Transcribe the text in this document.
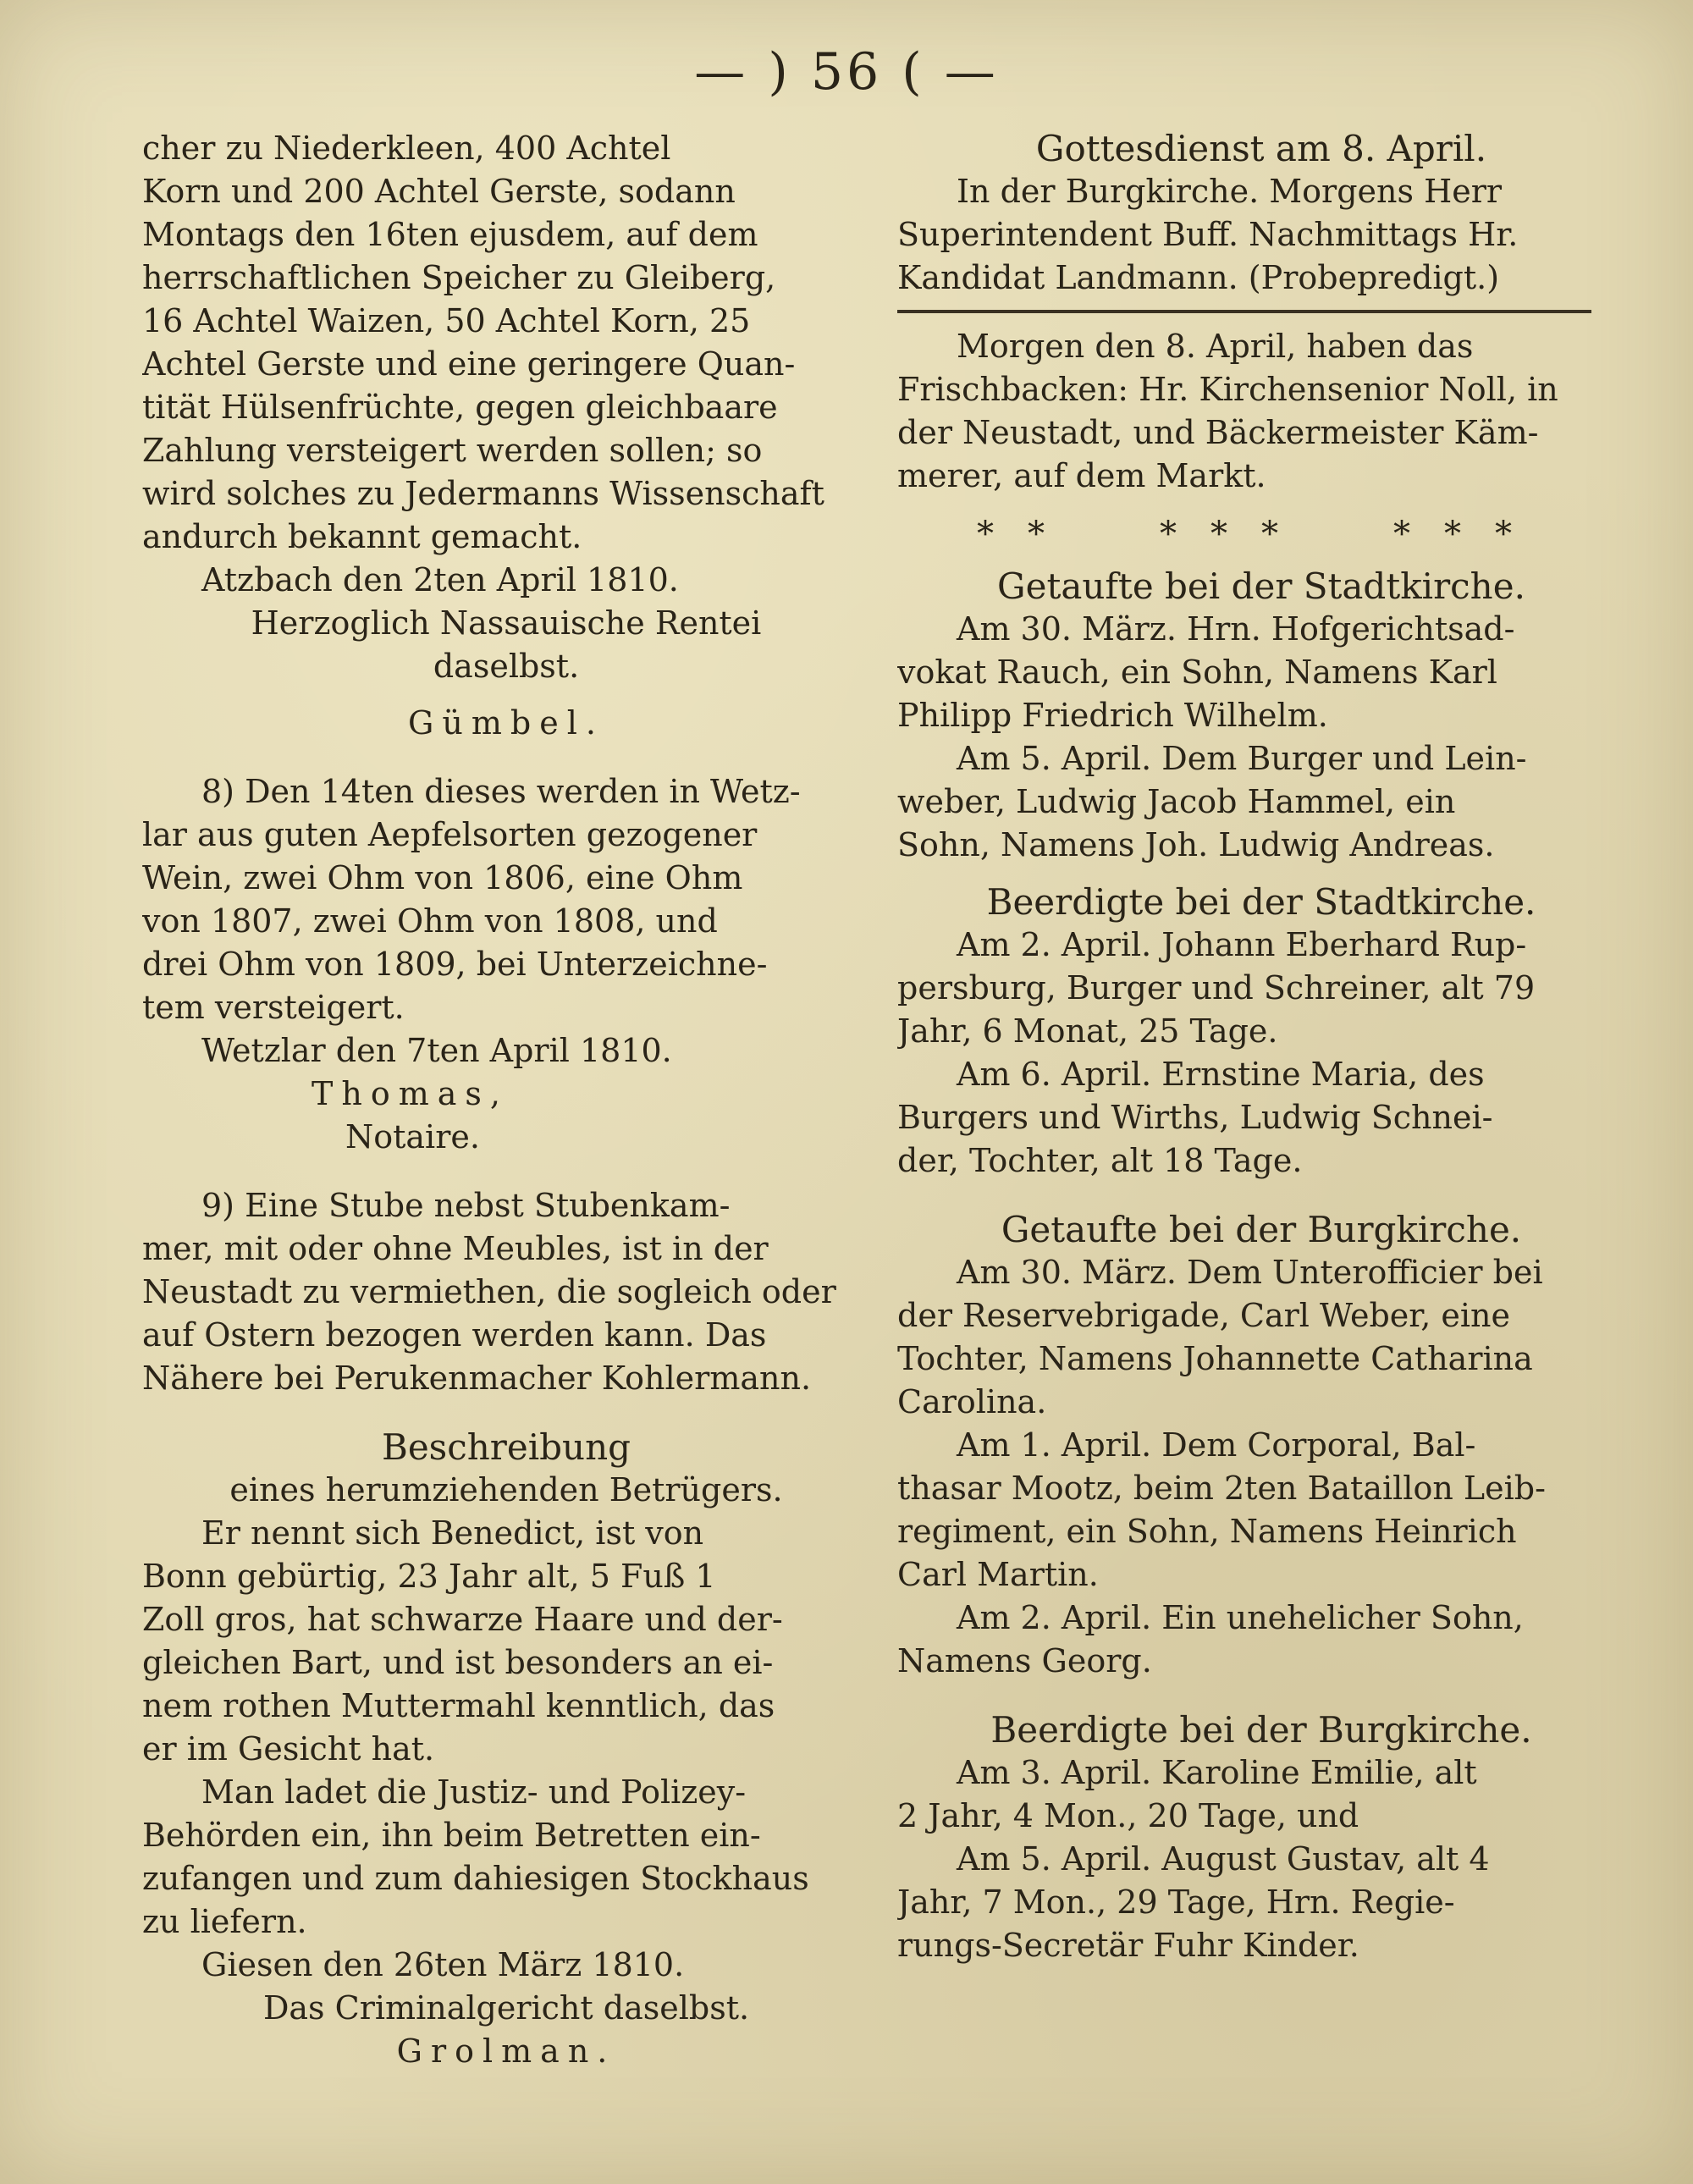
— ) 56 ( —
cher zu Niederkleen, 400 Achtel
Korn und 200 Achtel Gerste, sodann
Montags den 16ten ejusdem, auf dem
herrschaftlichen Speicher zu Gleiberg,
16 Achtel Waizen, 50 Achtel Korn, 25
Achtel Gerste und eine geringere Quan-
tität Hülsenfrüchte, gegen gleichbaare
Zahlung versteigert werden sollen; so
wird solches zu Jedermanns Wissenschaft
andurch bekannt gemacht.
Atzbach den 2ten April 1810.
Herzoglich Nassauische Rentei
daselbst.
Gümbel.
8) Den 14ten dieses werden in Wetz-
lar aus guten Aepfelsorten gezogener
Wein, zwei Ohm von 1806, eine Ohm
von 1807, zwei Ohm von 1808, und
drei Ohm von 1809, bei Unterzeichne-
tem versteigert.
Wetzlar den 7ten April 1810.
Thomas,
Notaire.
9) Eine Stube nebst Stubenkam-
mer, mit oder ohne Meubles, ist in der
Neustadt zu vermiethen, die sogleich oder
auf Ostern bezogen werden kann. Das
Nähere bei Perukenmacher Kohlermann.
Beschreibung
eines herumziehenden Betrügers.
Er nennt sich Benedict, ist von
Bonn gebürtig, 23 Jahr alt, 5 Fuß 1
Zoll gros, hat schwarze Haare und der-
gleichen Bart, und ist besonders an ei-
nem rothen Muttermahl kenntlich, das
er im Gesicht hat.
Man ladet die Justiz- und Polizey-
Behörden ein, ihn beim Betretten ein-
zufangen und zum dahiesigen Stockhaus
zu liefern.
Giesen den 26ten März 1810.
Das Criminalgericht daselbst.
Grolman.
Gottesdienst am 8. April.
In der Burgkirche. Morgens Herr
Superintendent Buff. Nachmittags Hr.
Kandidat Landmann. (Probepredigt.)
Morgen den 8. April, haben das
Frischbacken: Hr. Kirchensenior Noll, in
der Neustadt, und Bäckermeister Käm-
merer, auf dem Markt.
** *** ***
Getaufte bei der Stadtkirche.
Am 30. März. Hrn. Hofgerichtsad-
vokat Rauch, ein Sohn, Namens Karl
Philipp Friedrich Wilhelm.
Am 5. April. Dem Burger und Lein-
weber, Ludwig Jacob Hammel, ein
Sohn, Namens Joh. Ludwig Andreas.
Beerdigte bei der Stadtkirche.
Am 2. April. Johann Eberhard Rup-
persburg, Burger und Schreiner, alt 79
Jahr, 6 Monat, 25 Tage.
Am 6. April. Ernstine Maria, des
Burgers und Wirths, Ludwig Schnei-
der, Tochter, alt 18 Tage.
Getaufte bei der Burgkirche.
Am 30. März. Dem Unterofficier bei
der Reservebrigade, Carl Weber, eine
Tochter, Namens Johannette Catharina
Carolina.
Am 1. April. Dem Corporal, Bal-
thasar Mootz, beim 2ten Bataillon Leib-
regiment, ein Sohn, Namens Heinrich
Carl Martin.
Am 2. April. Ein unehelicher Sohn,
Namens Georg.
Beerdigte bei der Burgkirche.
Am 3. April. Karoline Emilie, alt
2 Jahr, 4 Mon., 20 Tage, und
Am 5. April. August Gustav, alt 4
Jahr, 7 Mon., 29 Tage, Hrn. Regie-
rungs-Secretär Fuhr Kinder.
